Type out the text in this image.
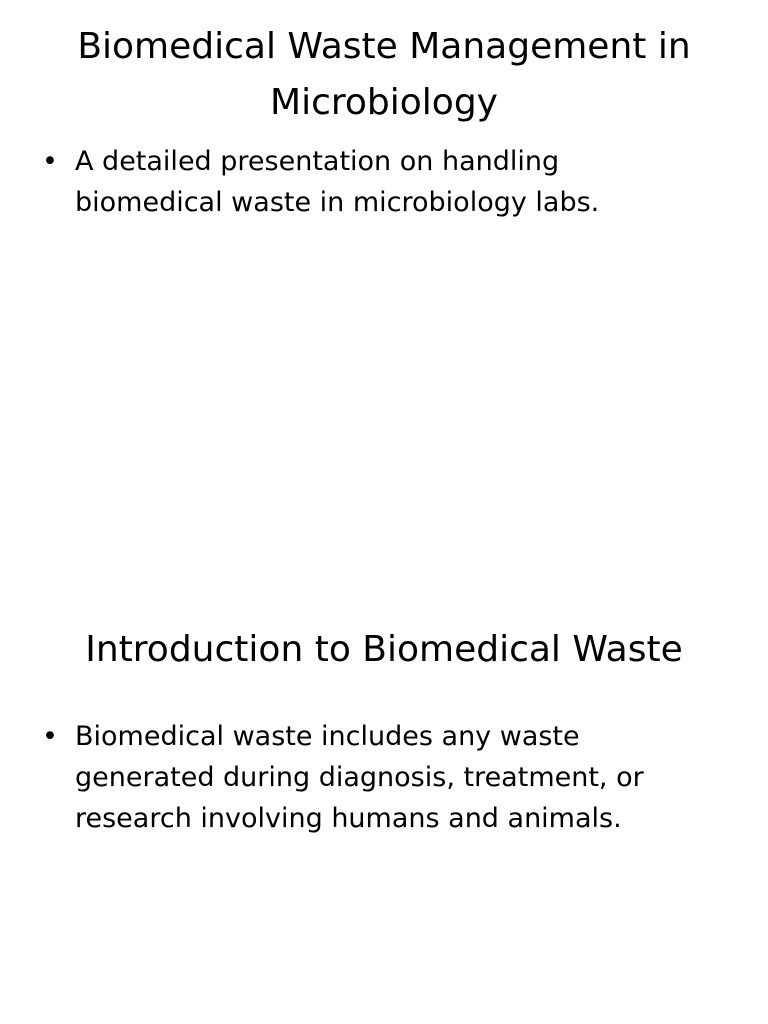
Biomedical Waste Management in Microbiology
• A detailed presentation on handling biomedical waste in microbiology labs.
Introduction to Biomedical Waste
• Biomedical waste includes any waste generated during diagnosis, treatment, or research involving humans and animals.
